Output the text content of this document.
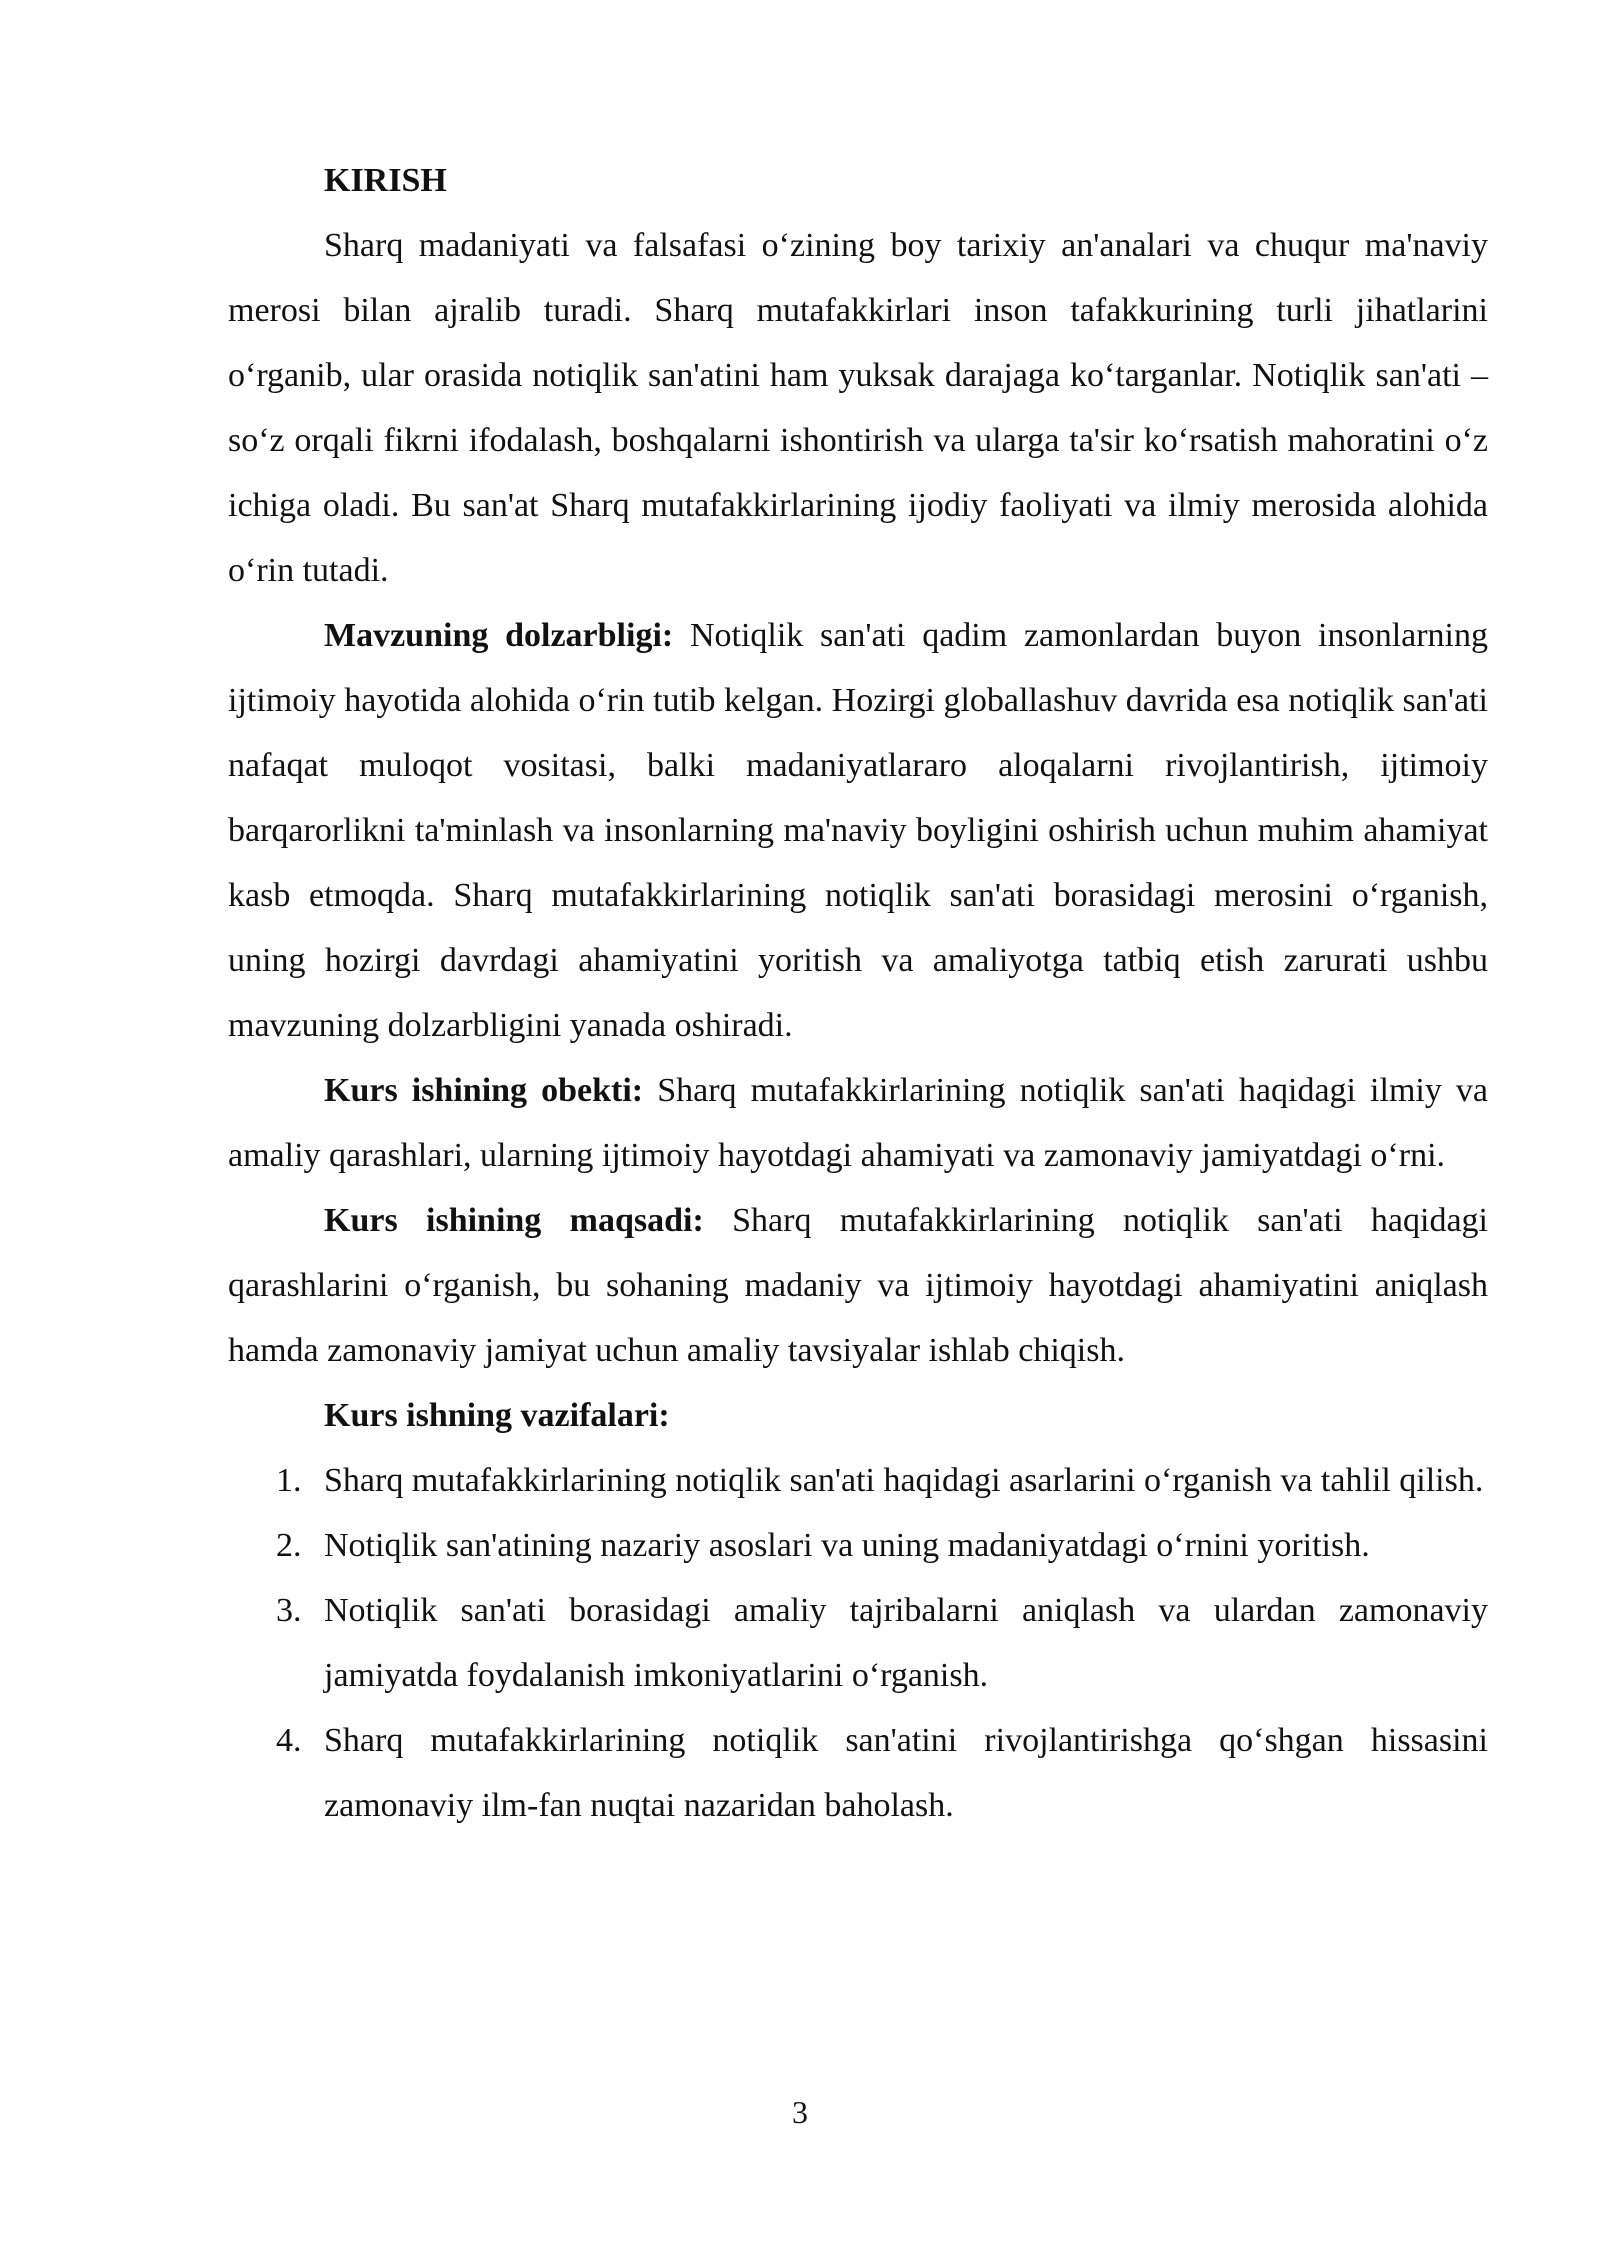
KIRISH

Sharq madaniyati va falsafasi o‘zining boy tarixiy an'analari va chuqur ma'naviy merosi bilan ajralib turadi. Sharq mutafakkirlari inson tafakkurining turli jihatlarini o‘rganib, ular orasida notiqlik san'atini ham yuksak darajaga ko‘targanlar. Notiqlik san'ati – so‘z orqali fikrni ifodalash, boshqalarni ishontirish va ularga ta'sir ko‘rsatish mahoratini o‘z ichiga oladi. Bu san'at Sharq mutafakkirlarining ijodiy faoliyati va ilmiy merosida alohida o‘rin tutadi.

Mavzuning dolzarbligi: Notiqlik san'ati qadim zamonlardan buyon insonlarning ijtimoiy hayotida alohida o‘rin tutib kelgan. Hozirgi globallashuv davrida esa notiqlik san'ati nafaqat muloqot vositasi, balki madaniyatlararo aloqalarni rivojlantirish, ijtimoiy barqarorlikni ta'minlash va insonlarning ma'naviy boyligini oshirish uchun muhim ahamiyat kasb etmoqda. Sharq mutafakkirlarining notiqlik san'ati borasidagi merosini o‘rganish, uning hozirgi davrdagi ahamiyatini yoritish va amaliyotga tatbiq etish zarurati ushbu mavzuning dolzarbligini yanada oshiradi.

Kurs ishining obekti: Sharq mutafakkirlarining notiqlik san'ati haqidagi ilmiy va amaliy qarashlari, ularning ijtimoiy hayotdagi ahamiyati va zamonaviy jamiyatdagi o‘rni.

Kurs ishining maqsadi: Sharq mutafakkirlarining notiqlik san'ati haqidagi qarashlarini o‘rganish, bu sohaning madaniy va ijtimoiy hayotdagi ahamiyatini aniqlash hamda zamonaviy jamiyat uchun amaliy tavsiyalar ishlab chiqish.

Kurs ishning vazifalari:

1. Sharq mutafakkirlarining notiqlik san'ati haqidagi asarlarini o‘rganish va tahlil qilish.
2. Notiqlik san'atining nazariy asoslari va uning madaniyatdagi o‘rnini yoritish.
3. Notiqlik san'ati borasidagi amaliy tajribalarni aniqlash va ulardan zamonaviy jamiyatda foydalanish imkoniyatlarini o‘rganish.
4. Sharq mutafakkirlarining notiqlik san'atini rivojlantirishga qo‘shgan hissasini zamonaviy ilm-fan nuqtai nazaridan baholash.
3
